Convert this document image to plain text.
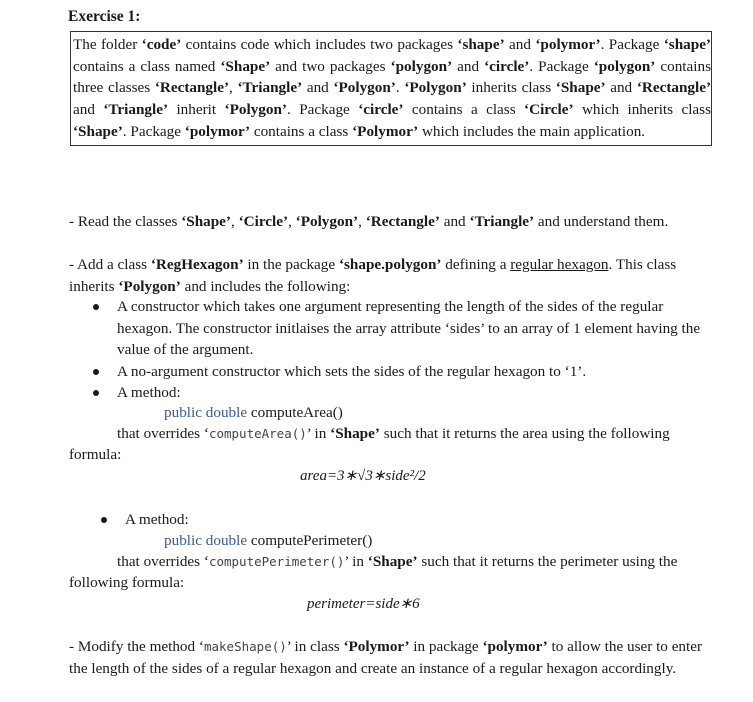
Exercise 1:

The folder ‘code’ contains code which includes two packages ‘shape’ and ‘polymor’. Package ‘shape’ contains a class named ‘Shape’ and two packages ‘polygon’ and ‘circle’. Package ‘polygon’ contains three classes ‘Rectangle’, ‘Triangle’ and ‘Polygon’. ‘Polygon’ inherits class ‘Shape’ and ‘Rectangle’ and ‘Triangle’ inherit ‘Polygon’. Package ‘circle’ contains a class ‘Circle’ which inherits class ‘Shape’. Package ‘polymor’ contains a class ‘Polymor’ which includes the main application.

- Read the classes ‘Shape’, ‘Circle’, ‘Polygon’, ‘Rectangle’ and ‘Triangle’ and understand them.

- Add a class ‘RegHexagon’ in the package ‘shape.polygon’ defining a regular hexagon. This class inherits ‘Polygon’ and includes the following:

A constructor which takes one argument representing the length of the sides of the regular hexagon. The constructor initlaises the array attribute ‘sides’ to an array of 1 element having the value of the argument.
A no-argument constructor which sets the sides of the regular hexagon to ‘1’.
A method:
public double computeArea()

that overrides ‘computeArea()’ in ‘Shape’ such that it returns the area using the following

formula:

area=3∗√3∗side²/2
A method:
public double computePerimeter()

that overrides ‘computePerimeter()’ in ‘Shape’ such that it returns the perimeter using the

following formula:

perimeter=side∗6

- Modify the method ‘makeShape()’ in class ‘Polymor’ in package ‘polymor’ to allow the user to enter the length of the sides of a regular hexagon and create an instance of a regular hexagon accordingly.
